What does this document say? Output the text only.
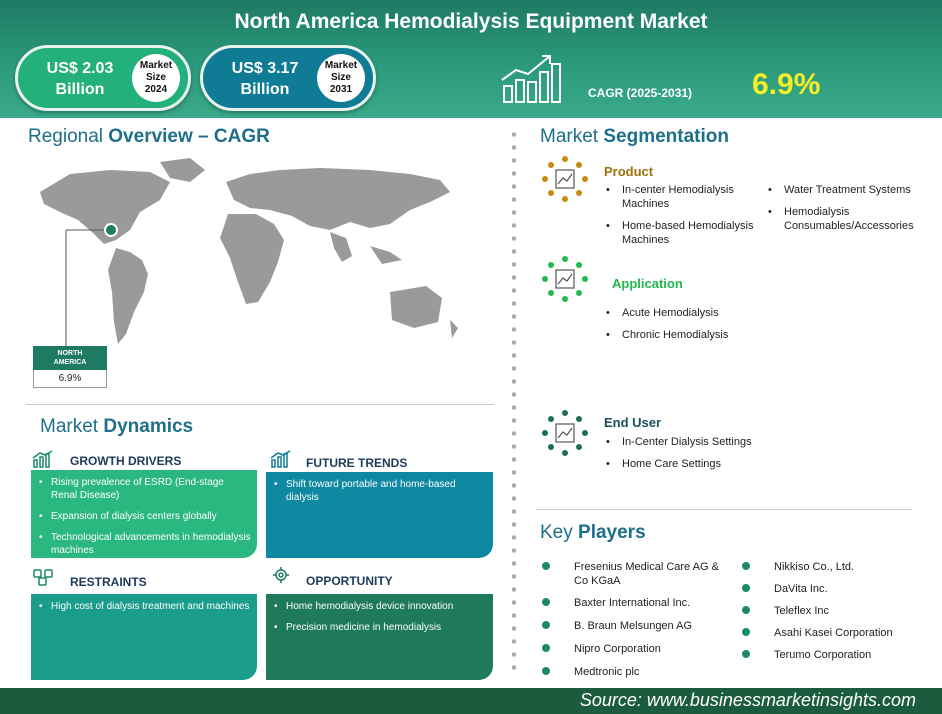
North America Hemodialysis Equipment Market
US$ 2.03
Billion
Market
Size
2024
US$ 3.17
Billion
Market
Size
2031	CAGR (2025-2031) 6.9%
Regional Overview – CAGR
NORTH
AMERICA
6.9%
Market Dynamics
GROWTH DRIVERS
• Rising prevalence of ESRD (End-stage Renal Disease)
• Expansion of dialysis centers globally
• Technological advancements in hemodialysis machines
FUTURE TRENDS
• Shift toward portable and home-based dialysis
RESTRAINTS
• High cost of dialysis treatment and machines
OPPORTUNITY
• Home hemodialysis device innovation
• Precision medicine in hemodialysis
Market Segmentation
Product
• In-center Hemodialysis Machines
• Home-based Hemodialysis Machines
• Water Treatment Systems
• Hemodialysis Consumables/Accessories
Application
• Acute Hemodialysis
• Chronic Hemodialysis
End User
• In-Center Dialysis Settings
• Home Care Settings
Key Players
Fresenius Medical Care AG & Co KGaA
Baxter International Inc.
B. Braun Melsungen AG
Nipro Corporation
Medtronic plc
Nikkiso Co., Ltd.
DaVita Inc.
Teleflex Inc
Asahi Kasei Corporation
Terumo Corporation
Source: www.businessmarketinsights.com
